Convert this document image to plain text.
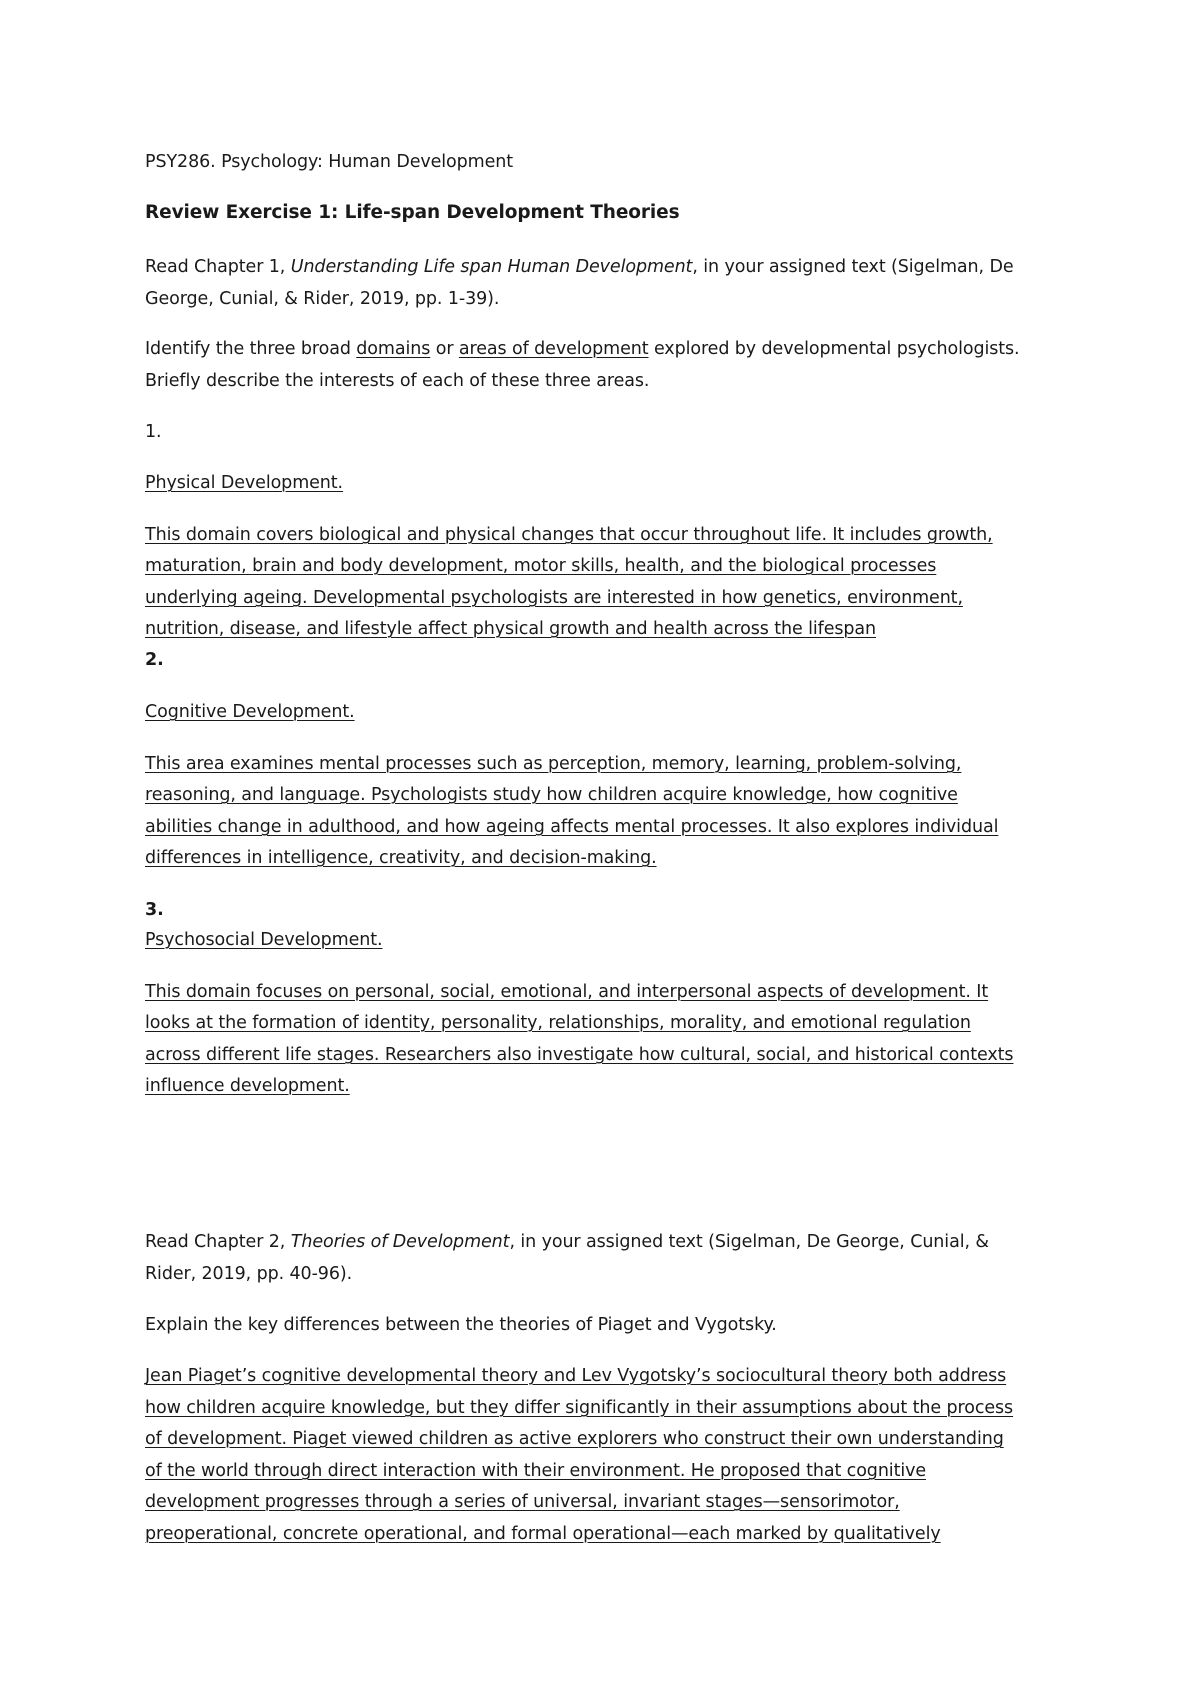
PSY286. Psychology: Human Development
Review Exercise 1: Life-span Development Theories
Read Chapter 1, Understanding Life span Human Development, in your assigned text (Sigelman, De
George, Cunial, & Rider, 2019, pp. 1-39).
Identify the three broad domains or areas of development explored by developmental psychologists.
Briefly describe the interests of each of these three areas.
1.
Physical Development.
This domain covers biological and physical changes that occur throughout life. It includes growth,
maturation, brain and body development, motor skills, health, and the biological processes
underlying ageing. Developmental psychologists are interested in how genetics, environment,
nutrition, disease, and lifestyle affect physical growth and health across the lifespan
2.
Cognitive Development.
This area examines mental processes such as perception, memory, learning, problem-solving,
reasoning, and language. Psychologists study how children acquire knowledge, how cognitive
abilities change in adulthood, and how ageing affects mental processes. It also explores individual
differences in intelligence, creativity, and decision-making.
3.
Psychosocial Development.
This domain focuses on personal, social, emotional, and interpersonal aspects of development. It
looks at the formation of identity, personality, relationships, morality, and emotional regulation
across different life stages. Researchers also investigate how cultural, social, and historical contexts
influence development.
Read Chapter 2, Theories of Development, in your assigned text (Sigelman, De George, Cunial, &
Rider, 2019, pp. 40-96).
Explain the key differences between the theories of Piaget and Vygotsky.
Jean Piaget’s cognitive developmental theory and Lev Vygotsky’s sociocultural theory both address
how children acquire knowledge, but they differ significantly in their assumptions about the process
of development. Piaget viewed children as active explorers who construct their own understanding
of the world through direct interaction with their environment. He proposed that cognitive
development progresses through a series of universal, invariant stages—sensorimotor,
preoperational, concrete operational, and formal operational—each marked by qualitatively
